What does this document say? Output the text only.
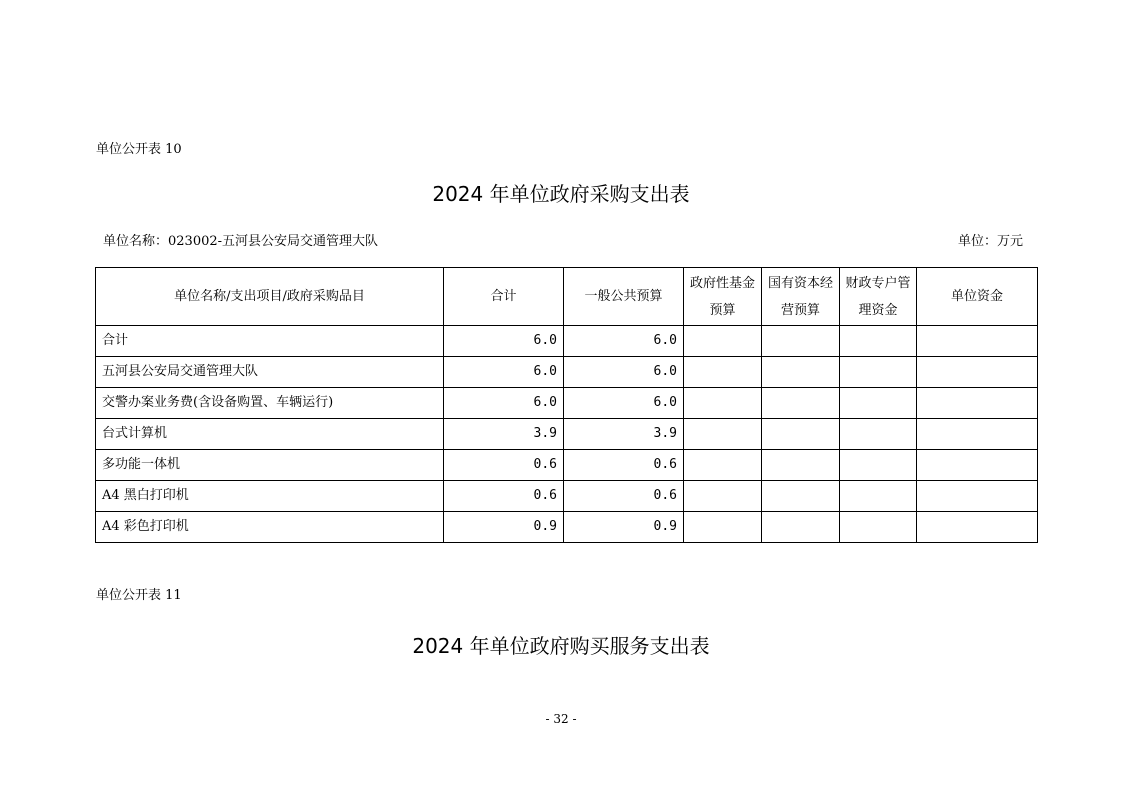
单位公开表 10
2024 年单位政府采购支出表
单位名称：023002-五河县公安局交通管理大队	单位：万元
单位名称/支出项目/政府采购品目	合计	一般公共预算	政府性基金预算	国有资本经营预算	财政专户管理资金	单位资金
合计	6.0	6.0				
五河县公安局交通管理大队	6.0	6.0				
交警办案业务费(含设备购置、车辆运行)	6.0	6.0				
台式计算机	3.9	3.9				
多功能一体机	0.6	0.6				
A4 黑白打印机	0.6	0.6				
A4 彩色打印机	0.9	0.9				
单位公开表 11
2024 年单位政府购买服务支出表
- 32 -
